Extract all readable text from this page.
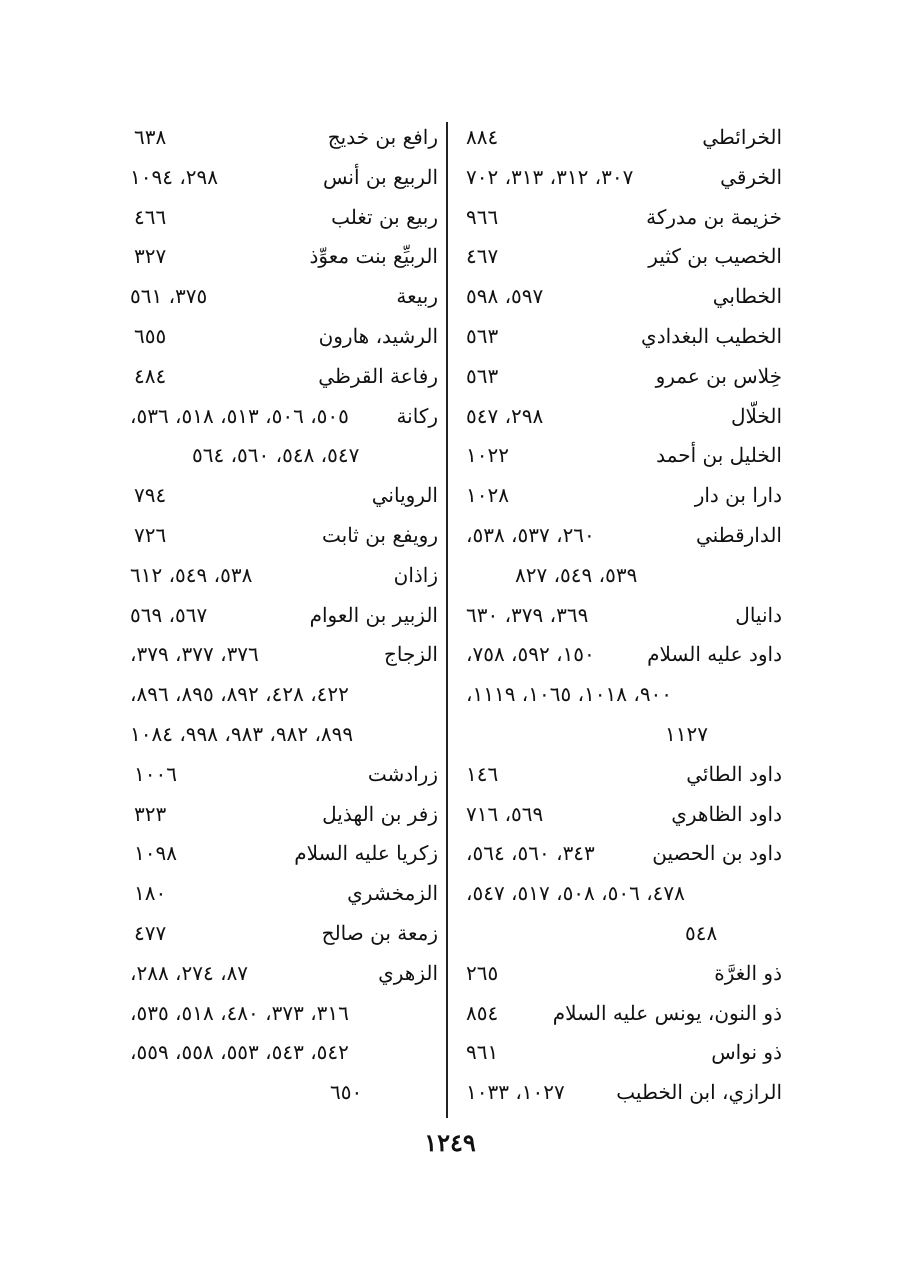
الخرائطي
٨٨٤
الخرقي
٣٠٧، ٣١٢، ٣١٣، ٧٠٢
خزيمة بن مدركة
٩٦٦
الخصيب بن كثير
٤٦٧
الخطابي
٥٩٧، ٥٩٨
الخطيب البغدادي
٥٦٣
خِلاس بن عمرو
٥٦٣
الخلّال
٢٩٨، ٥٤٧
الخليل بن أحمد
١٠٢٢
دارا بن دار
١٠٢٨
الدارقطني
٢٦٠، ٥٣٧، ٥٣٨،
٥٣٩، ٥٤٩، ٨٢٧
دانيال
٣٦٩، ٣٧٩، ٦٣٠
داود عليه السلام
١٥٠، ٥٩٢، ٧٥٨،
٩٠٠، ١٠١٨، ١٠٦٥، ١١١٩،
١١٢٧
داود الطائي
١٤٦
داود الظاهري
٥٦٩، ٧١٦
داود بن الحصين
٣٤٣، ٥٦٠، ٥٦٤،
٤٧٨، ٥٠٦، ٥٠٨، ٥١٧، ٥٤٧،
٥٤٨
ذو الغرَّة
٢٦٥
ذو النون، يونس عليه السلام
٨٥٤
ذو نواس
٩٦١
الرازي، ابن الخطيب
١٠٢٧، ١٠٣٣
رافع بن خديج
٦٣٨
الربيع بن أنس
٢٩٨، ١٠٩٤
ربيع بن تغلب
٤٦٦
الربيِّع بنت معوِّذ
٣٢٧
ربيعة
٣٧٥، ٥٦١
الرشيد، هارون
٦٥٥
رفاعة القرظي
٤٨٤
ركانة
٥٠٥، ٥٠٦، ٥١٣، ٥١٨، ٥٣٦،
٥٤٧، ٥٤٨، ٥٦٠، ٥٦٤
الروياني
٧٩٤
رويفع بن ثابت
٧٢٦
زاذان
٥٣٨، ٥٤٩، ٦١٢
الزبير بن العوام
٥٦٧، ٥٦٩
الزجاج
٣٧٦، ٣٧٧، ٣٧٩،
٤٢٢، ٤٢٨، ٨٩٢، ٨٩٥، ٨٩٦،
٨٩٩، ٩٨٢، ٩٨٣، ٩٩٨، ١٠٨٤
زرادشت
١٠٠٦
زفر بن الهذيل
٣٢٣
زكريا عليه السلام
١٠٩٨
الزمخشري
١٨٠
زمعة بن صالح
٤٧٧
الزهري
٨٧، ٢٧٤، ٢٨٨،
٣١٦، ٣٧٣، ٤٨٠، ٥١٨، ٥٣٥،
٥٤٢، ٥٤٣، ٥٥٣، ٥٥٨، ٥٥٩،
٦٥٠
١٢٤٩
